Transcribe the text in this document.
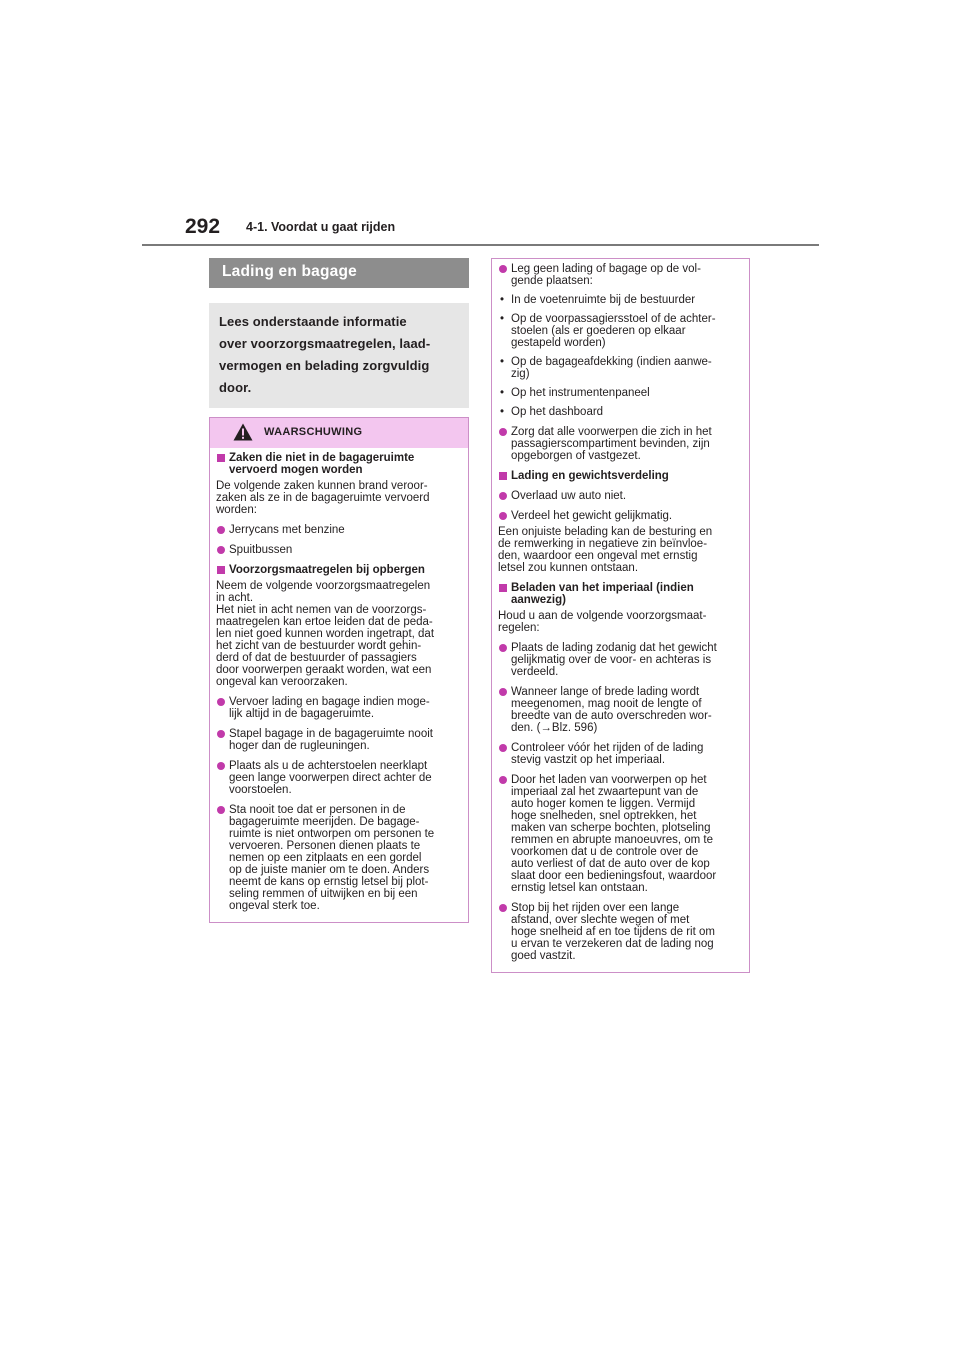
292 4-1. Voordat u gaat rijden
Lading en bagage
Lees onderstaande informatie
over voorzorgsmaatregelen, laad-
vermogen en belading zorgvuldig
door.
WAARSCHUWING
Zaken die niet in de bagageruimte
vervoerd mogen worden
De volgende zaken kunnen brand veroor-
zaken als ze in de bagageruimte vervoerd
worden:
Jerrycans met benzine
Spuitbussen
Voorzorgsmaatregelen bij opbergen
Neem de volgende voorzorgsmaatregelen
in acht.
Het niet in acht nemen van de voorzorgs-
maatregelen kan ertoe leiden dat de peda-
len niet goed kunnen worden ingetrapt, dat
het zicht van de bestuurder wordt gehin-
derd of dat de bestuurder of passagiers
door voorwerpen geraakt worden, wat een
ongeval kan veroorzaken.
Vervoer lading en bagage indien moge-
lijk altijd in de bagageruimte.
Stapel bagage in de bagageruimte nooit
hoger dan de rugleuningen.
Plaats als u de achterstoelen neerklapt
geen lange voorwerpen direct achter de
voorstoelen.
Sta nooit toe dat er personen in de
bagageruimte meerijden. De bagage-
ruimte is niet ontworpen om personen te
vervoeren. Personen dienen plaats te
nemen op een zitplaats en een gordel
op de juiste manier om te doen. Anders
neemt de kans op ernstig letsel bij plot-
seling remmen of uitwijken en bij een
ongeval sterk toe.
Leg geen lading of bagage op de vol-
gende plaatsen:
• In de voetenruimte bij de bestuurder
• Op de voorpassagiersstoel of de achter-
stoelen (als er goederen op elkaar
gestapeld worden)
• Op de bagageafdekking (indien aanwe-
zig)
• Op het instrumentenpaneel
• Op het dashboard
Zorg dat alle voorwerpen die zich in het
passagierscompartiment bevinden, zijn
opgeborgen of vastgezet.
Lading en gewichtsverdeling
Overlaad uw auto niet.
Verdeel het gewicht gelijkmatig.
Een onjuiste belading kan de besturing en
de remwerking in negatieve zin beïnvloe-
den, waardoor een ongeval met ernstig
letsel zou kunnen ontstaan.
Beladen van het imperiaal (indien
aanwezig)
Houd u aan de volgende voorzorgsmaat-
regelen:
Plaats de lading zodanig dat het gewicht
gelijkmatig over de voor- en achteras is
verdeeld.
Wanneer lange of brede lading wordt
meegenomen, mag nooit de lengte of
breedte van de auto overschreden wor-
den. (→Blz. 596)
Controleer vóór het rijden of de lading
stevig vastzit op het imperiaal.
Door het laden van voorwerpen op het
imperiaal zal het zwaartepunt van de
auto hoger komen te liggen. Vermijd
hoge snelheden, snel optrekken, het
maken van scherpe bochten, plotseling
remmen en abrupte manoeuvres, om te
voorkomen dat u de controle over de
auto verliest of dat de auto over de kop
slaat door een bedieningsfout, waardoor
ernstig letsel kan ontstaan.
Stop bij het rijden over een lange
afstand, over slechte wegen of met
hoge snelheid af en toe tijdens de rit om
u ervan te verzekeren dat de lading nog
goed vastzit.
